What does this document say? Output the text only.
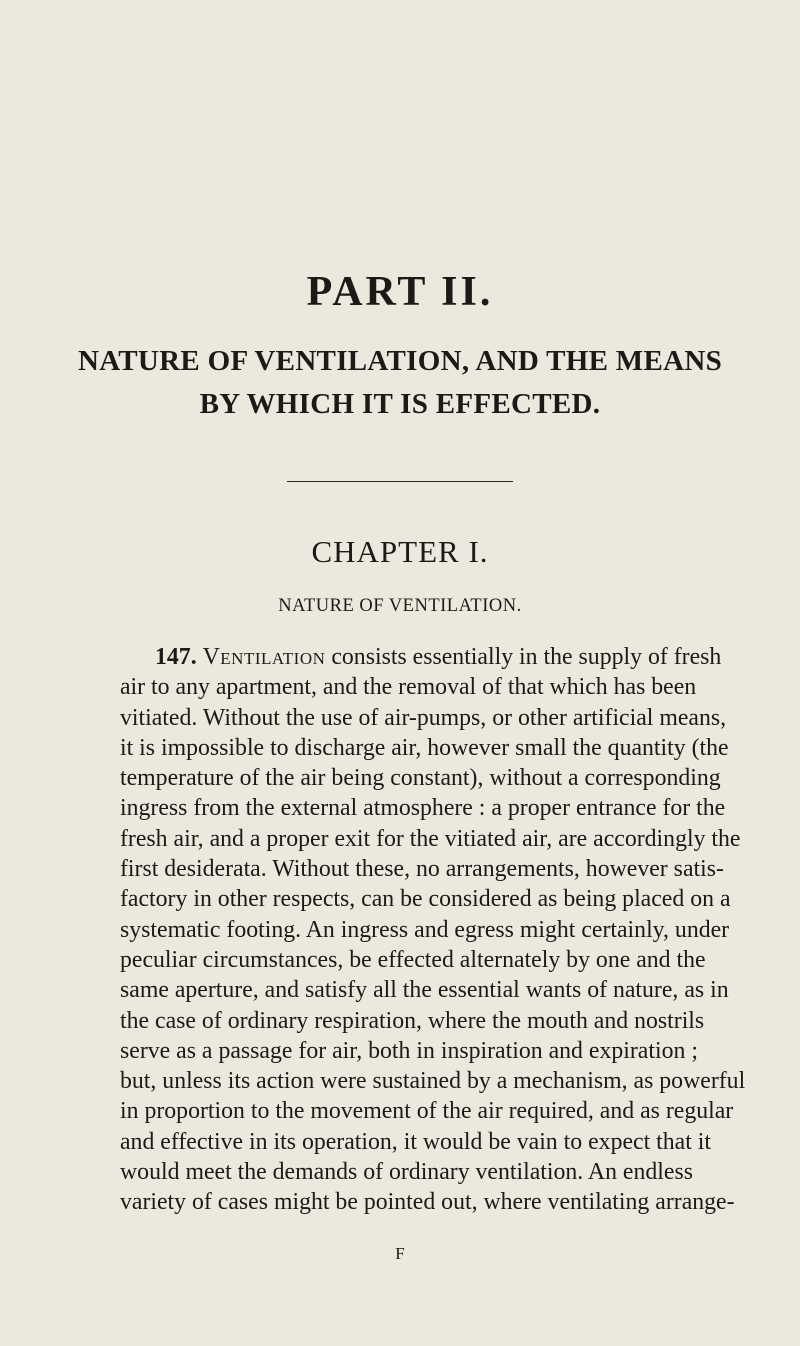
PART II.
NATURE OF VENTILATION, AND THE MEANS
BY WHICH IT IS EFFECTED.
CHAPTER I.
NATURE OF VENTILATION.
147. Ventilation consists essentially in the supply of fresh
air to any apartment, and the removal of that which has been
vitiated. Without the use of air-pumps, or other artificial means,
it is impossible to discharge air, however small the quantity (the
temperature of the air being constant), without a corresponding
ingress from the external atmosphere : a proper entrance for the
fresh air, and a proper exit for the vitiated air, are accordingly the
first desiderata. Without these, no arrangements, however satis-
factory in other respects, can be considered as being placed on a
systematic footing. An ingress and egress might certainly, under
peculiar circumstances, be effected alternately by one and the
same aperture, and satisfy all the essential wants of nature, as in
the case of ordinary respiration, where the mouth and nostrils
serve as a passage for air, both in inspiration and expiration ;
but, unless its action were sustained by a mechanism, as powerful
in proportion to the movement of the air required, and as regular
and effective in its operation, it would be vain to expect that it
would meet the demands of ordinary ventilation. An endless
variety of cases might be pointed out, where ventilating arrange-
F
